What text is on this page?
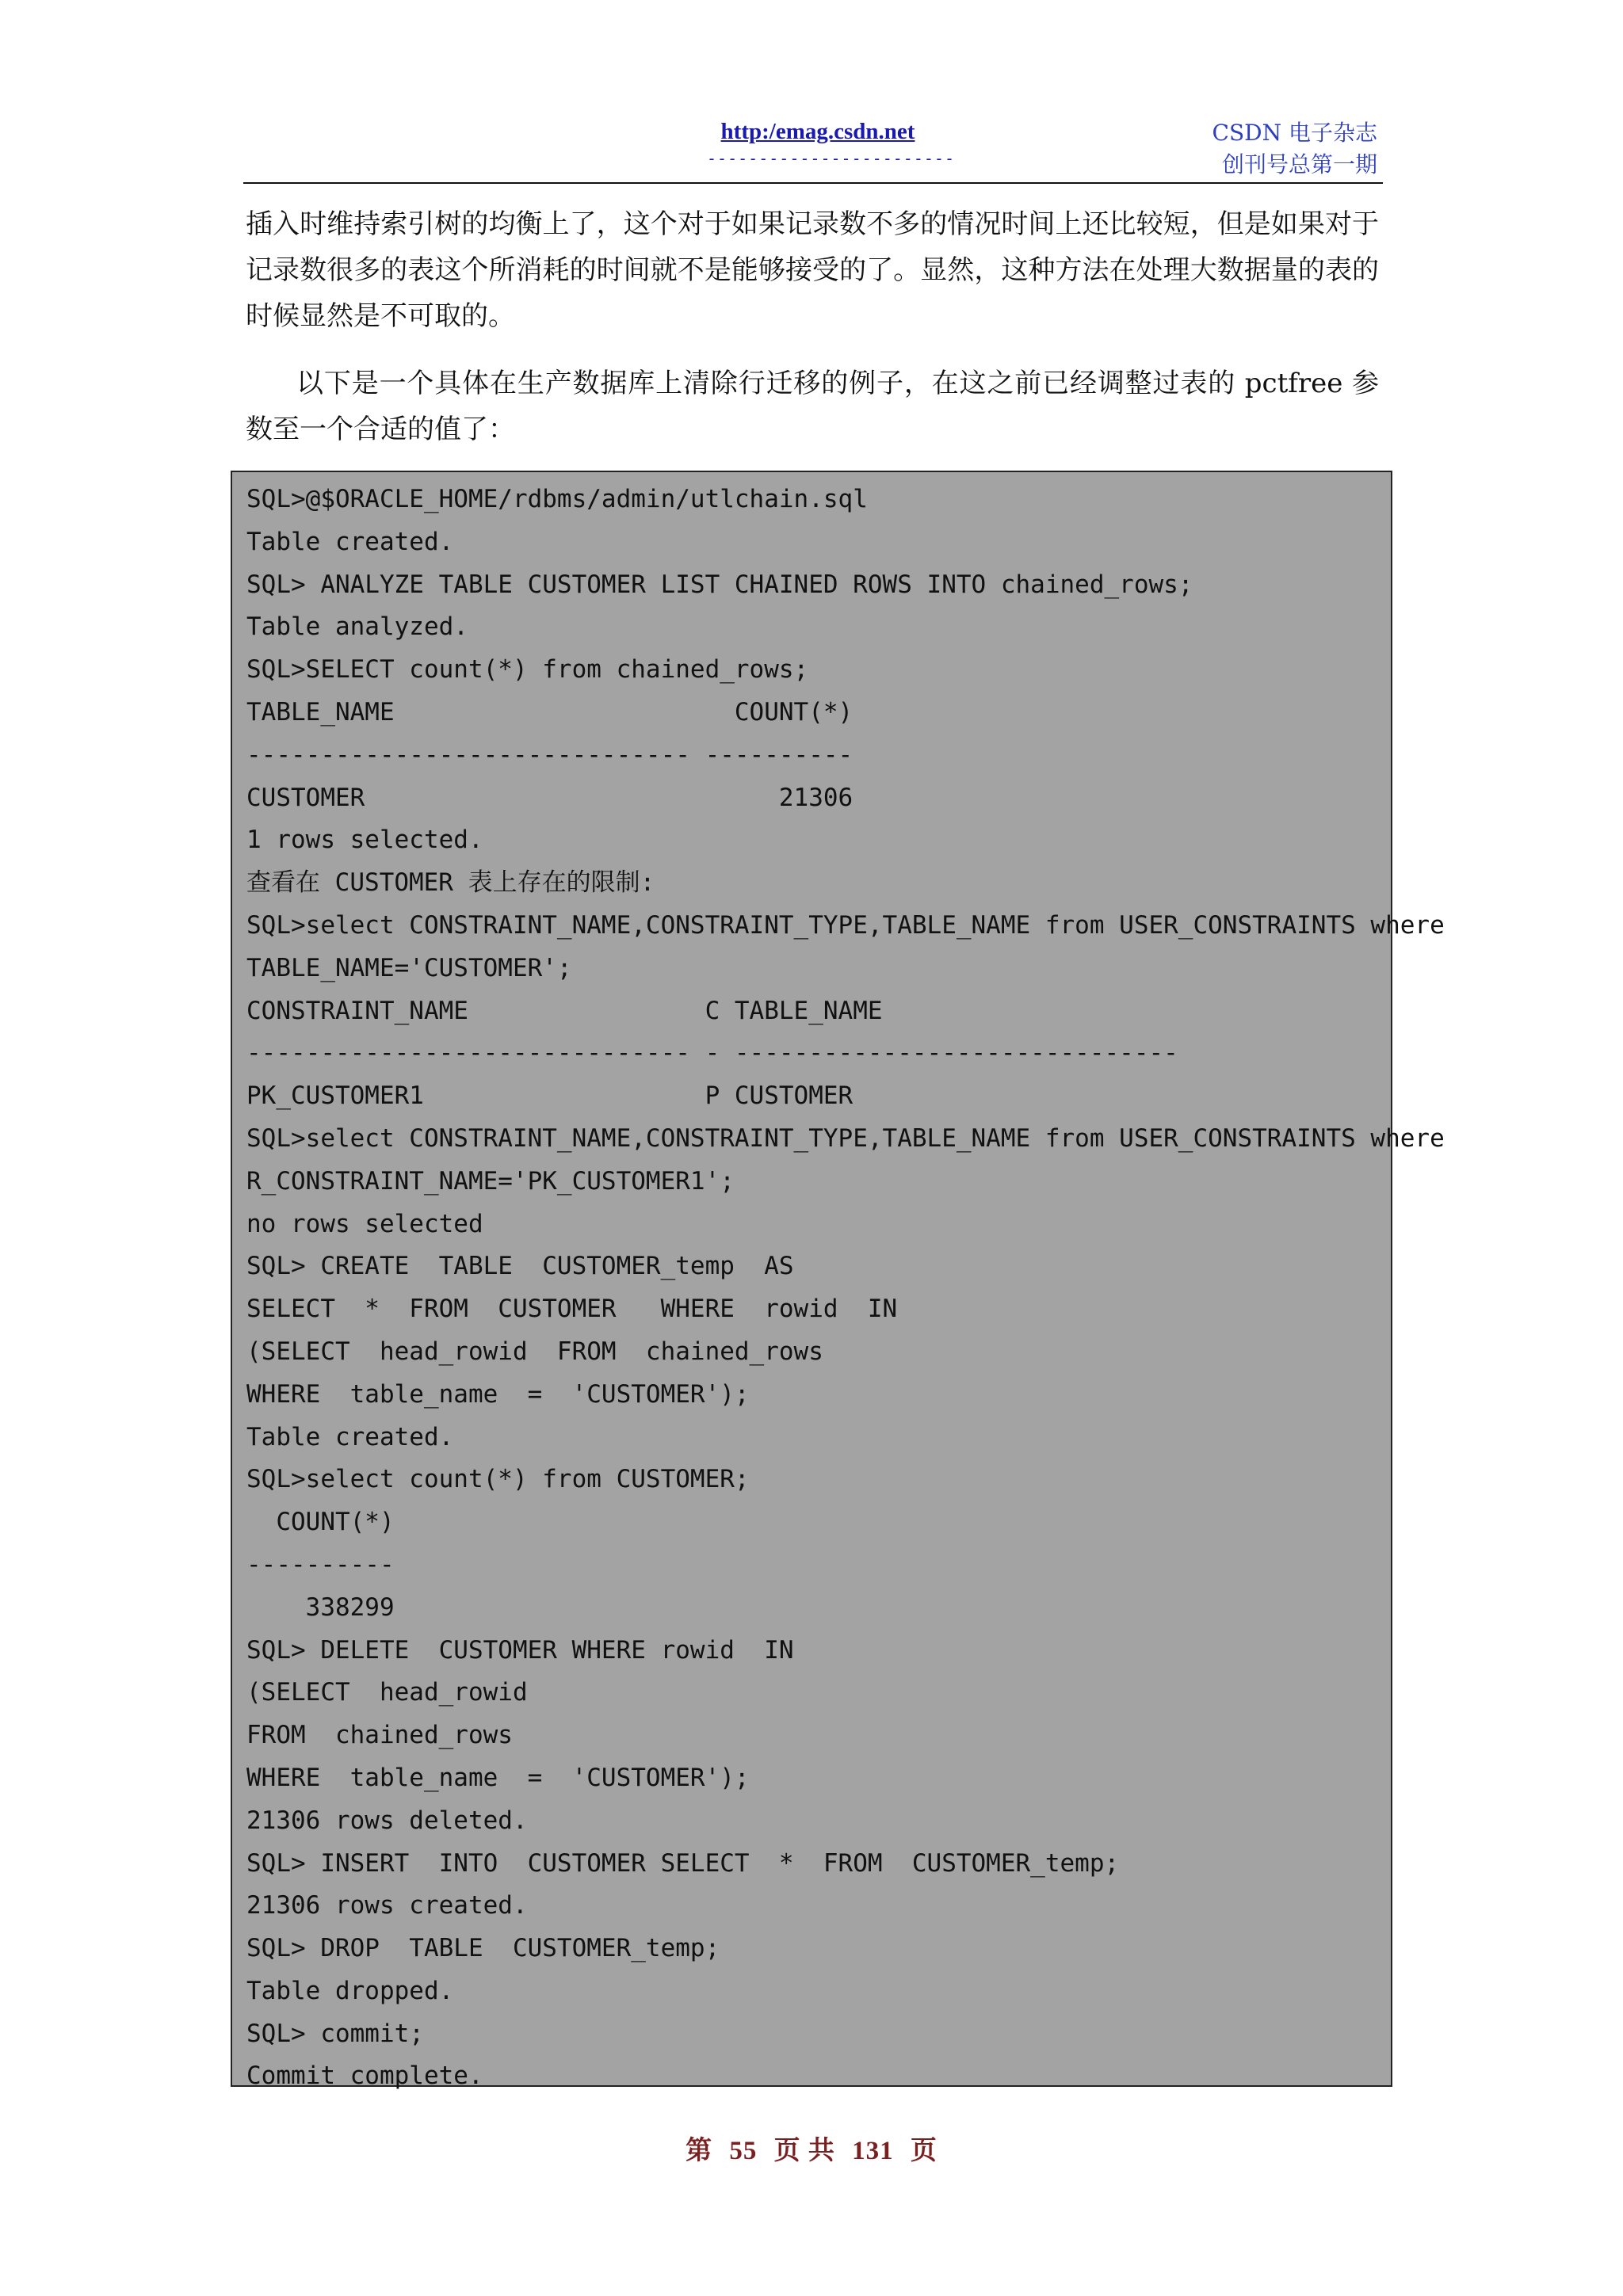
http:/emag.csdn.net
------------------------
CSDN 电子杂志
创刊号总第一期
插入时维持索引树的均衡上了，这个对于如果记录数不多的情况时间上还比较短，但是如果对于记录数很多的表这个所消耗的时间就不是能够接受的了。显然，这种方法在处理大数据量的表的时候显然是不可取的。
以下是一个具体在生产数据库上清除行迁移的例子，在这之前已经调整过表的 pctfree 参数至一个合适的值了：
SQL>@$ORACLE_HOME/rdbms/admin/utlchain.sql
Table created.
SQL> ANALYZE TABLE CUSTOMER LIST CHAINED ROWS INTO chained_rows;
Table analyzed.
SQL>SELECT count(*) from chained_rows;
TABLE_NAME                       COUNT(*)
------------------------------ ----------
CUSTOMER                            21306
1 rows selected.
查看在 CUSTOMER 表上存在的限制:
SQL>select CONSTRAINT_NAME,CONSTRAINT_TYPE,TABLE_NAME from USER_CONSTRAINTS where
TABLE_NAME='CUSTOMER';
CONSTRAINT_NAME                C TABLE_NAME
------------------------------ - ------------------------------
PK_CUSTOMER1                   P CUSTOMER
SQL>select CONSTRAINT_NAME,CONSTRAINT_TYPE,TABLE_NAME from USER_CONSTRAINTS where
R_CONSTRAINT_NAME='PK_CUSTOMER1';
no rows selected
SQL> CREATE  TABLE  CUSTOMER_temp  AS
SELECT  *  FROM  CUSTOMER   WHERE  rowid  IN
(SELECT  head_rowid  FROM  chained_rows
WHERE  table_name  =  'CUSTOMER');
Table created.
SQL>select count(*) from CUSTOMER;
COUNT(*)
----------
338299
SQL> DELETE  CUSTOMER WHERE rowid  IN
(SELECT  head_rowid
FROM  chained_rows
WHERE  table_name  =  'CUSTOMER');
21306 rows deleted.
SQL> INSERT  INTO  CUSTOMER SELECT  *  FROM  CUSTOMER_temp;
21306 rows created.
SQL> DROP  TABLE  CUSTOMER_temp;
Table dropped.
SQL> commit;
Commit complete.
第 55 页 共 131 页
